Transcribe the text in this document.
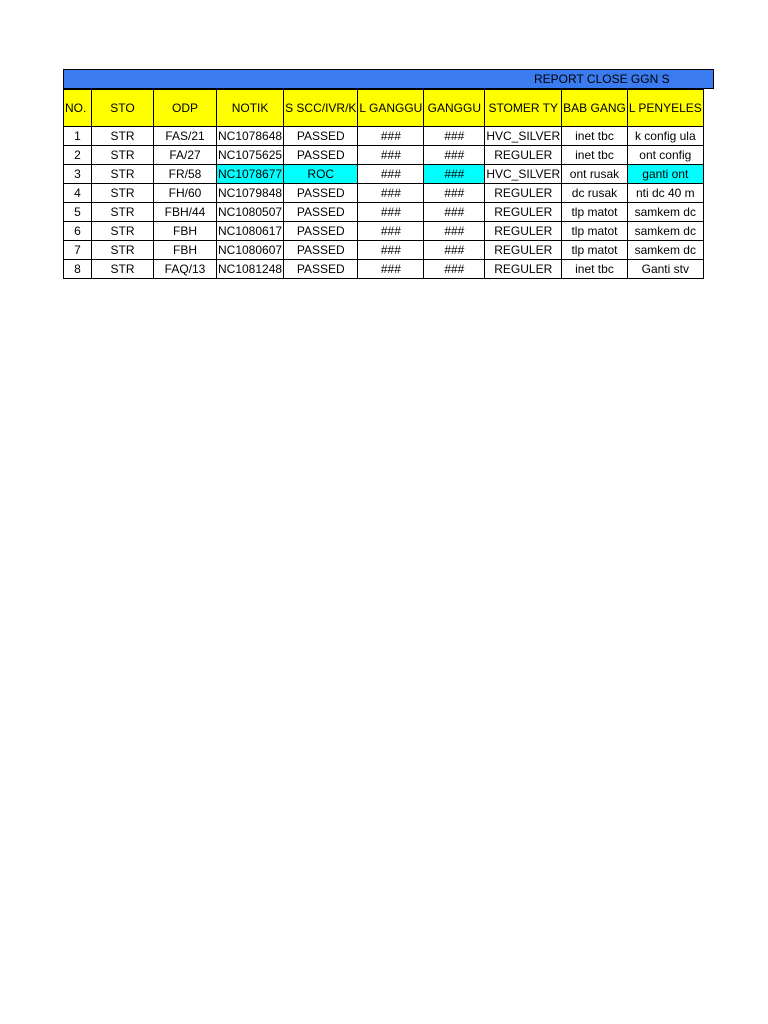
REPORT CLOSE GGN S
NO.	STO	ODP	NOTIK	S SCC/IVR/K	L GANGGU	GANGGU	STOMER TY	BAB GANG	L PENYELES
1	STR	FAS/21	NC1078648	PASSED	###	###	HVC_SILVER	inet tbc	k config ula
2	STR	FA/27	NC1075625	PASSED	###	###	REGULER	inet tbc	ont config
3	STR	FR/58	NC1078677	ROC	###	###	HVC_SILVER	ont rusak	ganti ont
4	STR	FH/60	NC1079848	PASSED	###	###	REGULER	dc rusak	nti dc 40 m
5	STR	FBH/44	NC1080507	PASSED	###	###	REGULER	tlp matot	samkem dc
6	STR	FBH	NC1080617	PASSED	###	###	REGULER	tlp matot	samkem dc
7	STR	FBH	NC1080607	PASSED	###	###	REGULER	tlp matot	samkem dc
8	STR	FAQ/13	NC1081248	PASSED	###	###	REGULER	inet tbc	Ganti stv
